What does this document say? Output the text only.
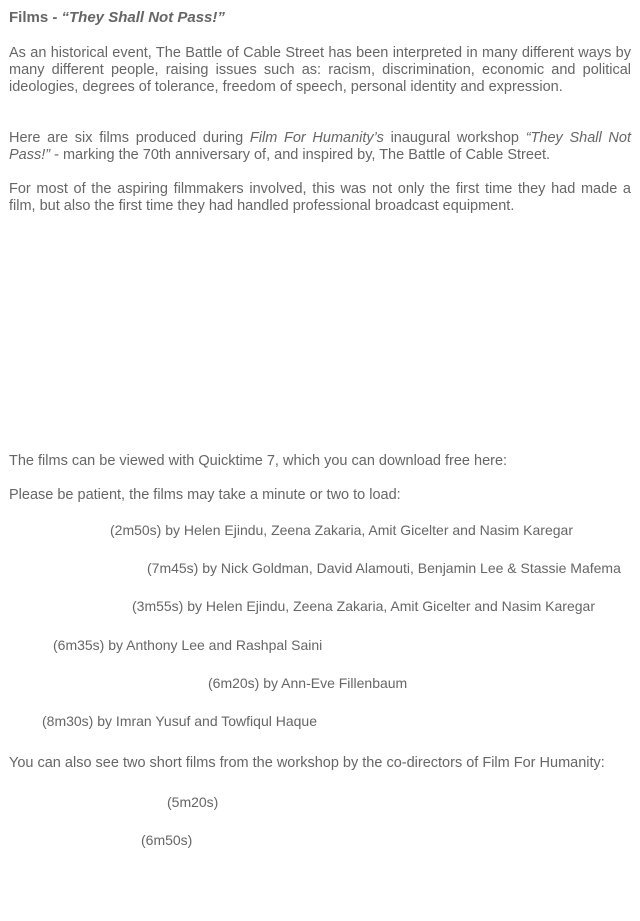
Films - “They Shall Not Pass!”
As an historical event, The Battle of Cable Street has been interpreted in many different ways by many different people, raising issues such as: racism, discrimination, economic and political ideologies, degrees of tolerance, freedom of speech, personal identity and expression.
Here are six films produced during Film For Humanity’s inaugural workshop “They Shall Not Pass!” - marking the 70th anniversary of, and inspired by, The Battle of Cable Street.
For most of the aspiring filmmakers involved, this was not only the first time they had made a film, but also the first time they had handled professional broadcast equipment.
The films can be viewed with Quicktime 7, which you can download free here:
Please be patient, the films may take a minute or two to load:
(2m50s) by Helen Ejindu, Zeena Zakaria, Amit Gicelter and Nasim Karegar
(7m45s) by Nick Goldman, David Alamouti, Benjamin Lee & Stassie Mafema
(3m55s) by Helen Ejindu, Zeena Zakaria, Amit Gicelter and Nasim Karegar
(6m35s) by Anthony Lee and Rashpal Saini
(6m20s) by Ann-Eve Fillenbaum
(8m30s) by Imran Yusuf and Towfiqul Haque
You can also see two short films from the workshop by the co-directors of Film For Humanity:
(5m20s)
(6m50s)
